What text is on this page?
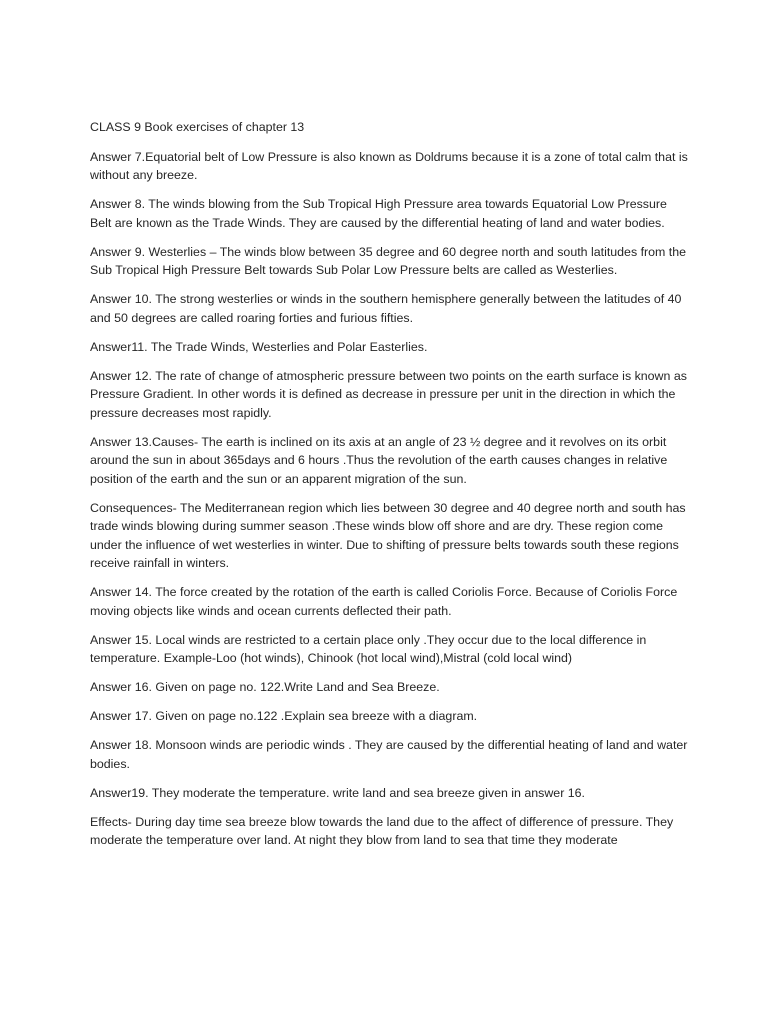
CLASS 9 Book exercises of chapter 13

Answer 7.Equatorial belt of Low Pressure is also known as Doldrums because it is a zone of total calm that is without any breeze.

Answer 8. The winds blowing from the Sub Tropical High Pressure area towards Equatorial Low Pressure Belt are known as the Trade Winds. They are caused by the differential heating of land and water bodies.

Answer 9. Westerlies – The winds blow between 35 degree and 60 degree north and south latitudes from the Sub Tropical High Pressure Belt towards Sub Polar Low Pressure belts are called as Westerlies.

Answer 10. The strong westerlies or winds in the southern hemisphere generally between the latitudes of 40 and 50 degrees are called roaring forties and furious fifties.

Answer11. The Trade Winds, Westerlies and Polar Easterlies.

Answer 12. The rate of change of atmospheric pressure between two points on the earth surface is known as Pressure Gradient. In other words it is defined as decrease in pressure per unit in the direction in which the pressure decreases most rapidly.

Answer 13.Causes- The earth is inclined on its axis at an angle of 23 ½ degree and it revolves on its orbit around the sun in about 365days and 6 hours .Thus the revolution of the earth causes changes in relative position of the earth and the sun or an apparent migration of the sun.

Consequences- The Mediterranean region which lies between 30 degree and 40 degree north and south has trade winds blowing during summer season .These winds blow off shore and are dry. These region come under the influence of wet westerlies in winter. Due to shifting of pressure belts towards south these regions receive rainfall in winters.

Answer 14. The force created by the rotation of the earth is called Coriolis Force. Because of Coriolis Force moving objects like winds and ocean currents deflected their path.

Answer 15. Local winds are restricted to a certain place only .They occur due to the local difference in temperature. Example-Loo (hot winds), Chinook (hot local wind),Mistral (cold local wind)

Answer 16. Given on page no. 122.Write Land and Sea Breeze.

Answer 17. Given on page no.122 .Explain sea breeze with a diagram.

Answer 18. Monsoon winds are periodic winds . They are caused by the differential heating of land and water bodies.

Answer19. They moderate the temperature. write land and sea breeze given in answer 16.

Effects- During day time sea breeze blow towards the land due to the affect of difference of pressure. They moderate the temperature over land. At night they blow from land to sea that time they moderate
